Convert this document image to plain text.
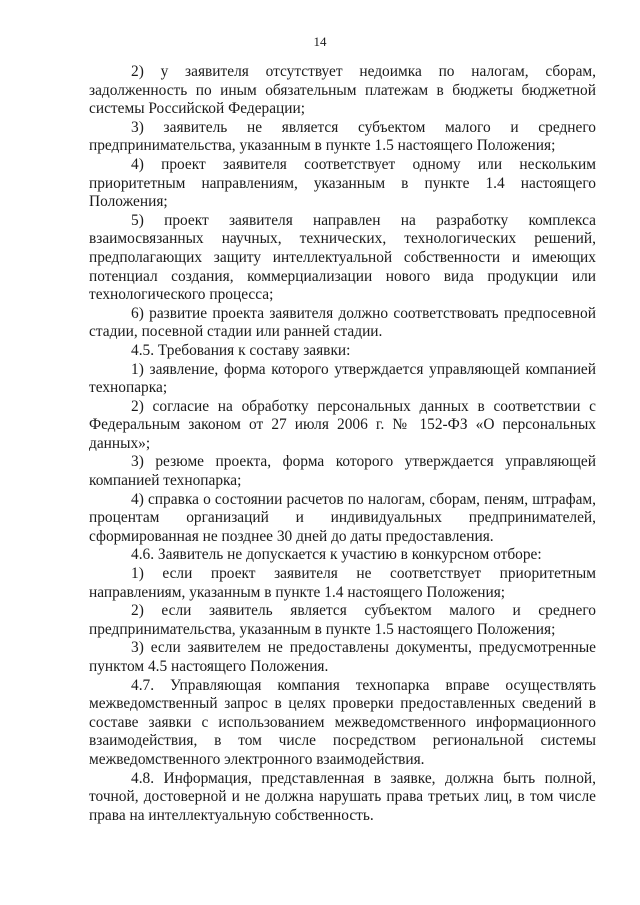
14

2) у заявителя отсутствует недоимка по налогам, сборам, задолженность по иным обязательным платежам в бюджеты бюджетной системы Российской Федерации;

3) заявитель не является субъектом малого и среднего предпринимательства, указанным в пункте 1.5 настоящего Положения;

4) проект заявителя соответствует одному или нескольким приоритетным направлениям, указанным в пункте 1.4 настоящего Положения;

5) проект заявителя направлен на разработку комплекса взаимосвязанных научных, технических, технологических решений, предполагающих защиту интеллектуальной собственности и имеющих потенциал создания, коммерциализации нового вида продукции или технологического процесса;

6) развитие проекта заявителя должно соответствовать предпосевной стадии, посевной стадии или ранней стадии.

4.5. Требования к составу заявки:

1) заявление, форма которого утверждается управляющей компанией технопарка;

2) согласие на обработку персональных данных в соответствии с Федеральным законом от 27 июля 2006 г. № 152-ФЗ «О персональных данных»;

3) резюме проекта, форма которого утверждается управляющей компанией технопарка;

4) справка о состоянии расчетов по налогам, сборам, пеням, штрафам, процентам организаций и индивидуальных предпринимателей, сформированная не позднее 30 дней до даты предоставления.

4.6. Заявитель не допускается к участию в конкурсном отборе:

1) если проект заявителя не соответствует приоритетным направлениям, указанным в пункте 1.4 настоящего Положения;

2) если заявитель является субъектом малого и среднего предпринимательства, указанным в пункте 1.5 настоящего Положения;

3) если заявителем не предоставлены документы, предусмотренные пунктом 4.5 настоящего Положения.

4.7. Управляющая компания технопарка вправе осуществлять межведомственный запрос в целях проверки предоставленных сведений в составе заявки с использованием межведомственного информационного взаимодействия, в том числе посредством региональной системы межведомственного электронного взаимодействия.

4.8. Информация, представленная в заявке, должна быть полной, точной, достоверной и не должна нарушать права третьих лиц, в том числе права на интеллектуальную собственность.
